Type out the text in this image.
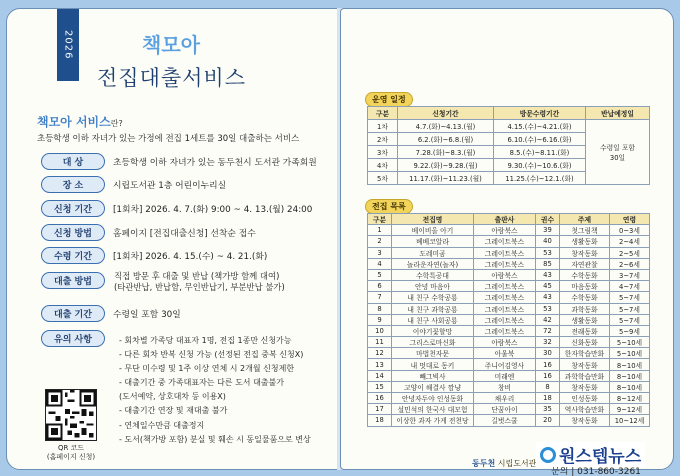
2026	책모아
전집대출서비스
책모아 서비스란?
초등학생 이하 자녀가 있는 가정에 전집 1세트를 30일 대출하는 서비스
대 상	초등학생 이하 자녀가 있는 동두천시 도서관 가족회원
장 소	시립도서관 1층 어린이누리실
신청 기간	[1회차] 2026. 4. 7.(화) 9:00 ~ 4. 13.(월) 24:00
신청 방법	홈페이지 [전집대출신청] 선착순 접수
수령 기간	[1회차] 2026. 4. 15.(수) ~ 4. 21.(화)
대출 방법
직접 방문 후 대출 및 반납 (책가방 함께 대여)
(타관반납, 반납함, 무인반납기, 부분반납 불가)
대출 기간	수령일 포함 30일
유의 사항	- 회차별 가족당 대표자 1명, 전집 1종만 신청가능
- 다른 회차 반복 신청 가능 (선정된 전집 중복 신청X)
- 무단 미수령 및 1주 이상 연체 시 2개월 신청제한
- 대출기간 중 가족대표자는 다른 도서 대출불가
(도서예약, 상호대차 등 이용X)
- 대출기간 연장 및 재대출 불가
- 연체일수만큼 대출정지
- 도서(책가방 포함) 분실 및 훼손 시 동일물품으로 변상
QR 코드
(홈페이지 신청)
운영 일정
구분	신청기간	방문수령기간	반납예정일
1차	4.7.(화)~4.13.(월)	4.15.(수)~4.21.(화)	수령일 포함
30일

2차	6.2.(화)~6.8.(월)	6.10.(수)~6.16.(화)	
3차	7.28.(화)~8.3.(월)	8.5.(수)~8.11.(화)	
4차	9.22.(화)~9.28.(월)	9.30.(수)~10.6.(화)	
5차	11.17.(화)~11.23.(월)	11.25.(수)~12.1.(화)	
전집 목록
구분	전집명	출판사	권수	주제	연령
1	베이비올 아기	아람북스	39	첫그림책	0~3세
2	베베코알라	그레이트북스	40	생활동화	2~4세
3	도레미곰	그레이트북스	53	창작동화	2~5세
4	놀라운자연(놀자)	그레이트북스	85	자연관찰	2~6세
5	수학특공대	아람북스	43	수학동화	3~7세
6	안녕 마음아	그레이트북스	45	마음동화	4~7세
7	내 친구 수학공룡	그레이트북스	43	수학동화	5~7세
8	내 친구 과학공룡	그레이트북스	53	과학동화	5~7세
9	내 친구 사회공룡	그레이트북스	42	생활동화	5~7세
10	이야기꽃할망	그레이트북스	72	전래동화	5~9세
11	그리스로마신화	아람북스	32	신화동화	5~10세
12	마법천자문	아울북	30	한자학습만화	5~10세
13	내 멋대로 동키	주니어김영사	16	창작동화	8~10세
14	빼그빅사	미래엔	16	과학학습만화	8~10세
15	고양이 해결사 깜냥	창비	8	창작동화	8~10세
16	안녕자두야 인성동화	채우리	18	인성동화	8~12세
17	설민석의 한국사 대모험	단꿈아이	35	역사학습만화	9~12세
18	이상한 과자 가게 전천당	길벗스쿨	20	창작동화	10~12세
동두천 시립도서관
문의 | 031-860-3261
원스텝뉴스
